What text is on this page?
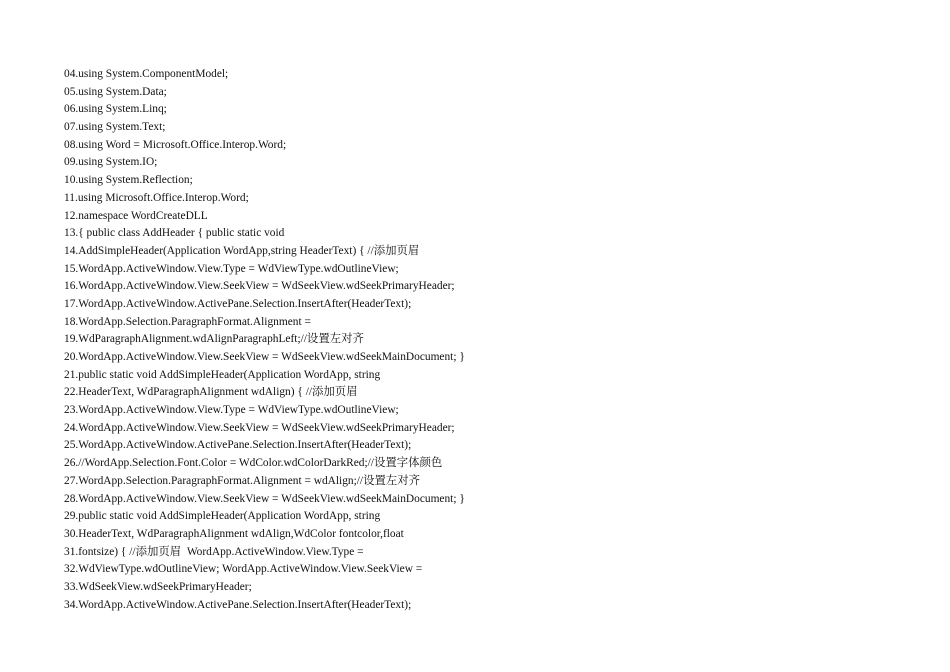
04.using System.ComponentModel;
05.using System.Data;
06.using System.Linq;
07.using System.Text;
08.using Word = Microsoft.Office.Interop.Word;
09.using System.IO;
10.using System.Reflection;
11.using Microsoft.Office.Interop.Word;
12.namespace WordCreateDLL
13.{ public class AddHeader { public static void
14.AddSimpleHeader(Application WordApp,string HeaderText) { //添加页眉
15.WordApp.ActiveWindow.View.Type = WdViewType.wdOutlineView;
16.WordApp.ActiveWindow.View.SeekView = WdSeekView.wdSeekPrimaryHeader;
17.WordApp.ActiveWindow.ActivePane.Selection.InsertAfter(HeaderText);
18.WordApp.Selection.ParagraphFormat.Alignment =
19.WdParagraphAlignment.wdAlignParagraphLeft;//设置左对齐
20.WordApp.ActiveWindow.View.SeekView = WdSeekView.wdSeekMainDocument; }
21.public static void AddSimpleHeader(Application WordApp, string
22.HeaderText, WdParagraphAlignment wdAlign) { //添加页眉
23.WordApp.ActiveWindow.View.Type = WdViewType.wdOutlineView;
24.WordApp.ActiveWindow.View.SeekView = WdSeekView.wdSeekPrimaryHeader;
25.WordApp.ActiveWindow.ActivePane.Selection.InsertAfter(HeaderText);
26.//WordApp.Selection.Font.Color = WdColor.wdColorDarkRed;//设置字体颜色
27.WordApp.Selection.ParagraphFormat.Alignment = wdAlign;//设置左对齐
28.WordApp.ActiveWindow.View.SeekView = WdSeekView.wdSeekMainDocument; }
29.public static void AddSimpleHeader(Application WordApp, string
30.HeaderText, WdParagraphAlignment wdAlign,WdColor fontcolor,float
31.fontsize) { //添加页眉  WordApp.ActiveWindow.View.Type =
32.WdViewType.wdOutlineView; WordApp.ActiveWindow.View.SeekView =
33.WdSeekView.wdSeekPrimaryHeader;
34.WordApp.ActiveWindow.ActivePane.Selection.InsertAfter(HeaderText);
